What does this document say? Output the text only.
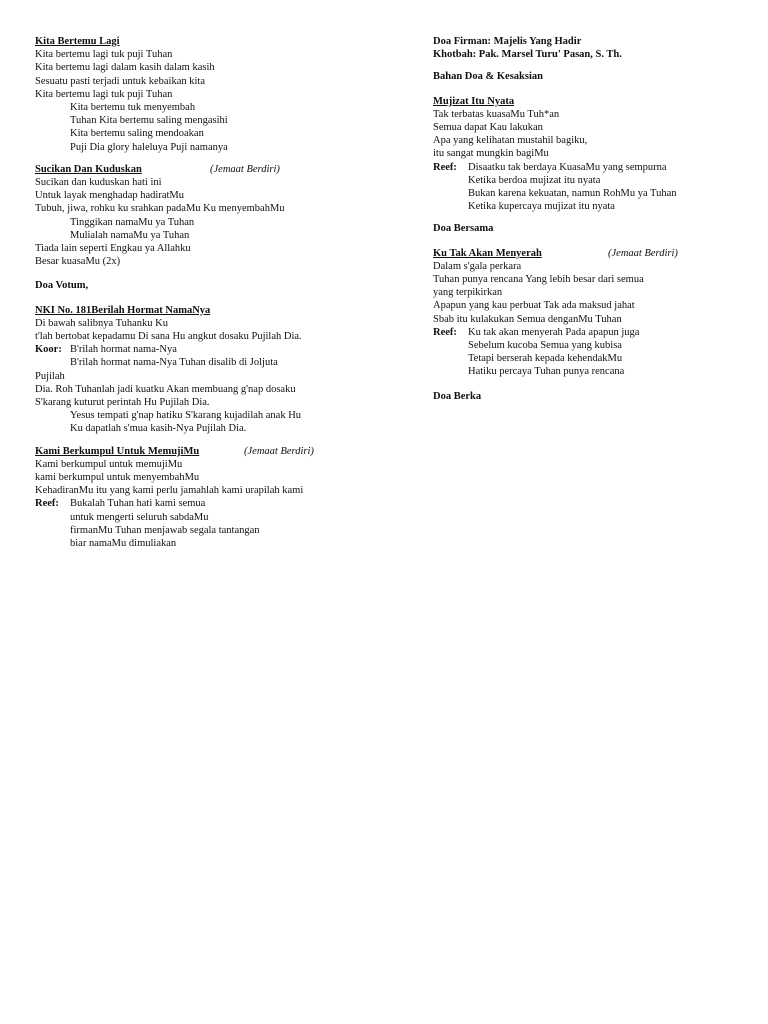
Kita Bertemu Lagi
Kita bertemu lagi tuk puji Tuhan
Kita bertemu lagi dalam kasih dalam kasih
Sesuatu pasti terjadi untuk kebaikan kita
Kita bertemu lagi tuk puji Tuhan
Kita bertemu tuk menyembah
Tuhan Kita bertemu saling mengasihi
Kita bertemu saling mendoakan
Puji Dia glory haleluya Puji namanya
Sucikan Dan Kuduskan	(Jemaat Berdiri)
Sucikan dan kuduskan hati ini
Untuk layak menghadap hadiratMu
Tubuh, jiwa, rohku ku srahkan padaMu Ku menyembahMu
Tinggikan namaMu ya Tuhan
Mulialah namaMu ya Tuhan
Tiada lain seperti Engkau ya Allahku
Besar kuasaMu (2x)
Doa Votum,
NKI No. 181Berilah Hormat NamaNya
Di bawah salibnya Tuhanku Ku
t'lah bertobat kepadamu Di sana Hu angkut dosaku Pujilah Dia.
Koor: B'rilah hormat nama-Nya
B'rilah hormat nama-Nya Tuhan disalib di Joljuta
Pujilah
Dia. Roh Tuhanlah jadi kuatku Akan membuang g'nap dosaku
S'karang kuturut perintah Hu Pujilah Dia.
Yesus tempati g'nap hatiku S'karang kujadilah anak Hu
Ku dapatlah s'mua kasih-Nya Pujilah Dia.
Kami Berkumpul Untuk MemujiMu	(Jemaat Berdiri)
Kami berkumpul untuk memujiMu
kami berkumpul untuk menyembahMu
KehadiranMu itu yang kami perlu jamahlah kami urapilah kami
Reef:	Bukalah Tuhan hati kami semua
untuk mengerti seluruh sabdaMu
firmanMu Tuhan menjawab segala tantangan
biar namaMu dimuliakan
Doa Firman: Majelis Yang Hadir
Khotbah: Pak. Marsel Turu' Pasan, S. Th.
Bahan Doa & Kesaksian
Mujizat Itu Nyata
Tak terbatas kuasaMu Tuh*an
Semua dapat Kau lakukan
Apa yang kelihatan mustahil bagiku,
itu sangat mungkin bagiMu
Reef:	Disaatku tak berdaya KuasaMu yang sempurna
Ketika berdoa mujizat itu nyata
Bukan karena kekuatan, namun RohMu ya Tuhan
Ketika kupercaya mujizat itu nyata
Doa Bersama
Ku Tak Akan Menyerah	(Jemaat Berdiri)
Dalam s'gala perkara
Tuhan punya rencana Yang lebih besar dari semua
yang terpikirkan
Apapun yang kau perbuat Tak ada maksud jahat
Sbab itu kulakukan Semua denganMu Tuhan
Reef:	Ku tak akan menyerah Pada apapun juga
Sebelum kucoba Semua yang kubisa
Tetapi berserah kepada kehendakMu
Hatiku percaya Tuhan punya rencana
Doa Berka
